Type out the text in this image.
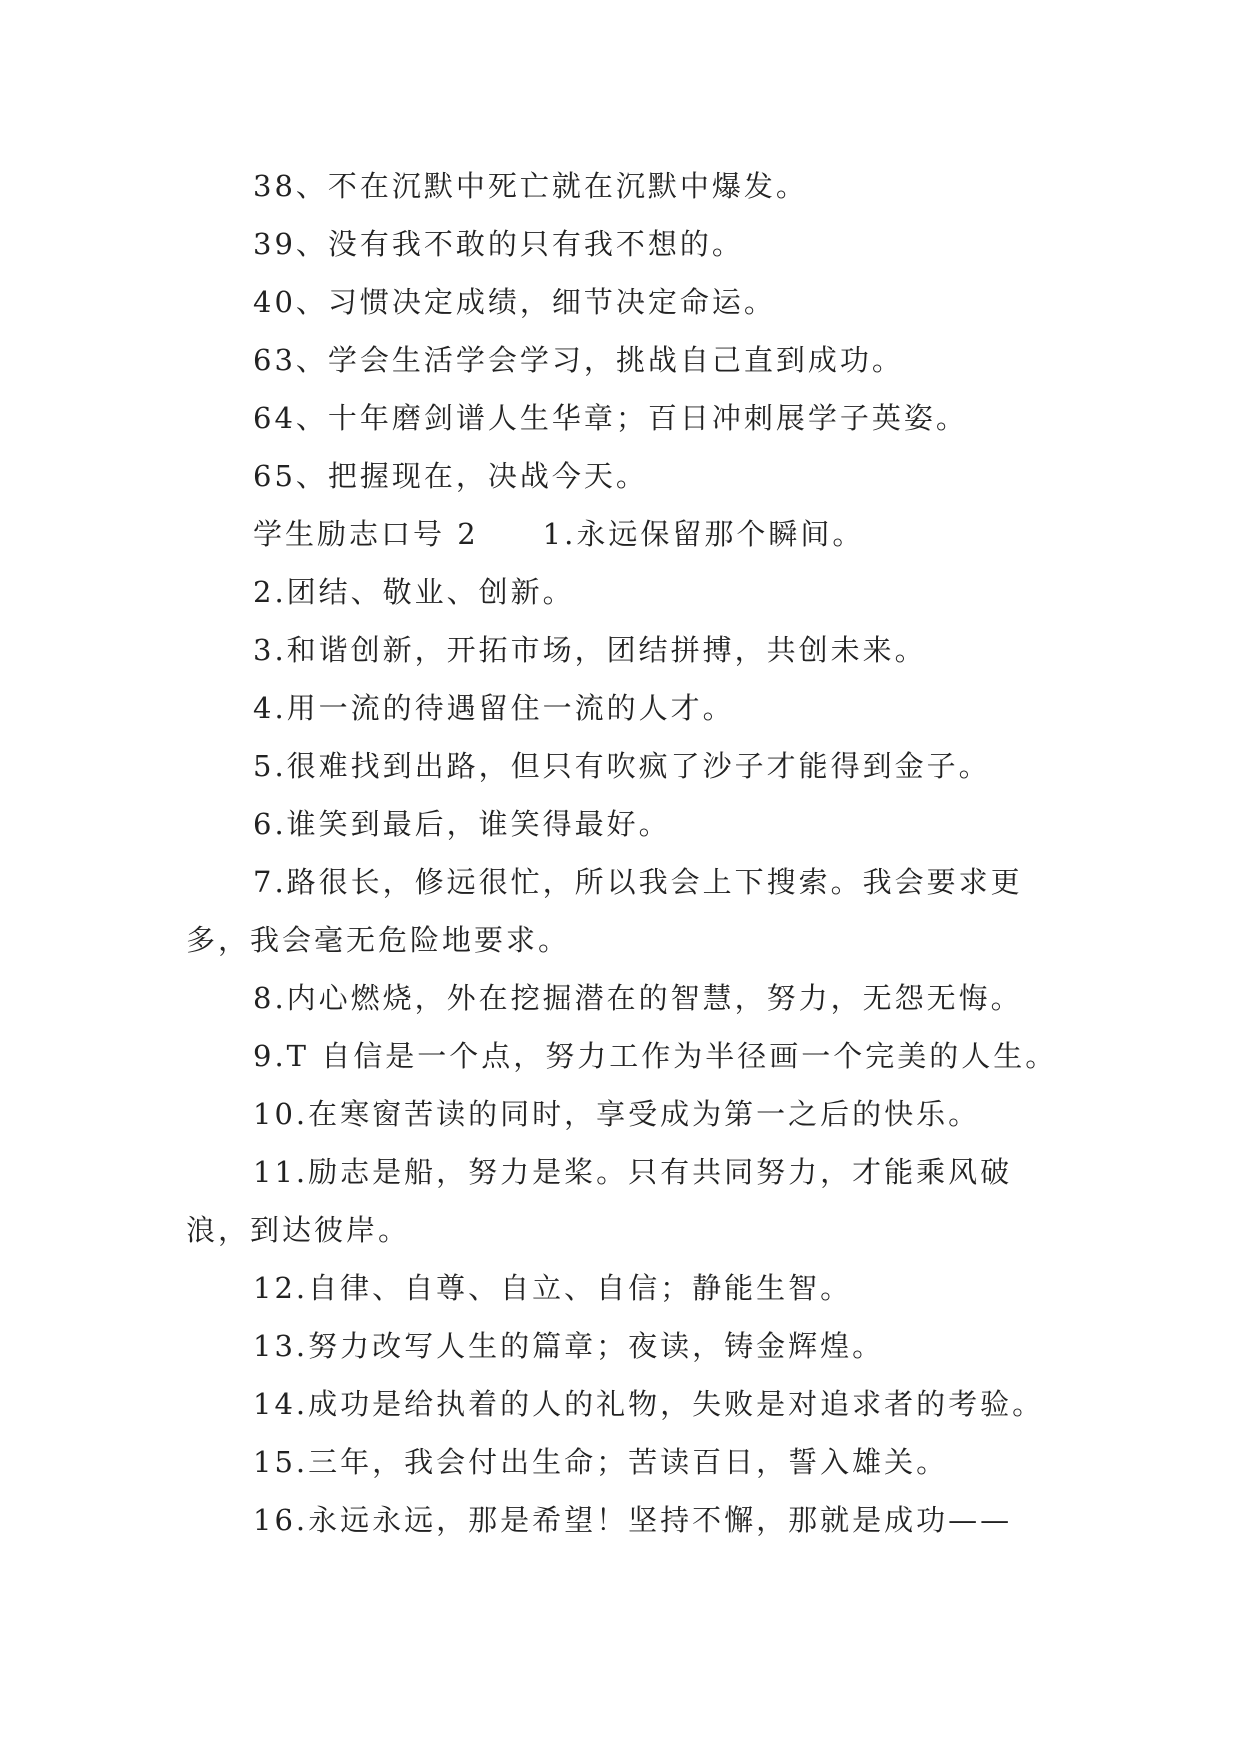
38、不在沉默中死亡就在沉默中爆发。
39、没有我不敢的只有我不想的。
40、习惯决定成绩，细节决定命运。
63、学会生活学会学习，挑战自己直到成功。
64、十年磨剑谱人生华章；百日冲刺展学子英姿。
65、把握现在，决战今天。
学生励志口号 2　　1.永远保留那个瞬间。
2.团结、敬业、创新。
3.和谐创新，开拓市场，团结拼搏，共创未来。
4.用一流的待遇留住一流的人才。
5.很难找到出路，但只有吹疯了沙子才能得到金子。
6.谁笑到最后，谁笑得最好。
7.路很长，修远很忙，所以我会上下搜索。我会要求更
多，我会毫无危险地要求。
8.内心燃烧，外在挖掘潜在的智慧，努力，无怨无悔。
9.T 自信是一个点，努力工作为半径画一个完美的人生。
10.在寒窗苦读的同时，享受成为第一之后的快乐。
11.励志是船，努力是桨。只有共同努力，才能乘风破
浪，到达彼岸。
12.自律、自尊、自立、自信；静能生智。
13.努力改写人生的篇章；夜读，铸金辉煌。
14.成功是给执着的人的礼物，失败是对追求者的考验。
15.三年，我会付出生命；苦读百日，誓入雄关。
16.永远永远，那是希望！坚持不懈，那就是成功——
